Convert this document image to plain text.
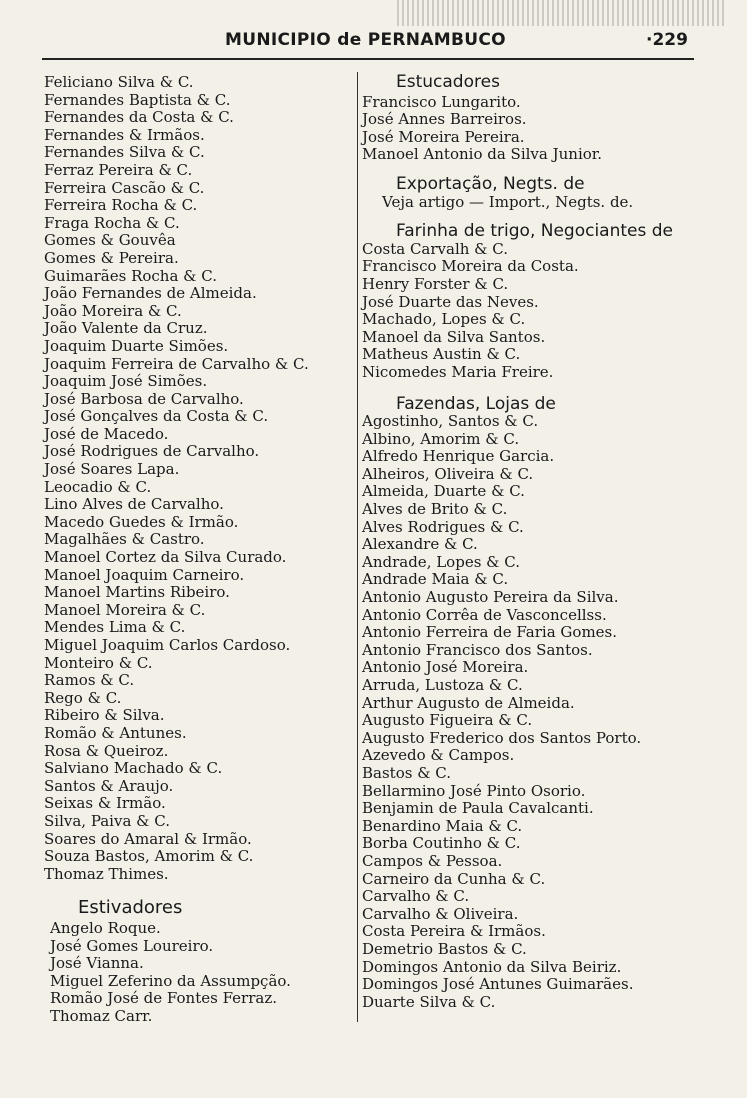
MUNICIPIO de PERNAMBUCO	·229
Feliciano Silva & C.
Fernandes Baptista & C.
Fernandes da Costa & C.
Fernandes & Irmãos.
Fernandes Silva & C.
Ferraz Pereira & C.
Ferreira Cascão & C.
Ferreira Rocha & C.
Fraga Rocha & C.
Gomes & Gouvêa
Gomes & Pereira.
Guimarães Rocha & C.
João Fernandes de Almeida.
João Moreira & C.
João Valente da Cruz.
Joaquim Duarte Simões.
Joaquim Ferreira de Carvalho & C.
Joaquim José Simões.
José Barbosa de Carvalho.
José Gonçalves da Costa & C.
José de Macedo.
José Rodrigues de Carvalho.
José Soares Lapa.
Leocadio & C.
Lino Alves de Carvalho.
Macedo Guedes & Irmão.
Magalhães & Castro.
Manoel Cortez da Silva Curado.
Manoel Joaquim Carneiro.
Manoel Martins Ribeiro.
Manoel Moreira & C.
Mendes Lima & C.
Miguel Joaquim Carlos Cardoso.
Monteiro & C.
Ramos & C.
Rego & C.
Ribeiro & Silva.
Romão & Antunes.
Rosa & Queiroz.
Salviano Machado & C.
Santos & Araujo.
Seixas & Irmão.
Silva, Paiva & C.
Soares do Amaral & Irmão.
Souza Bastos, Amorim & C.
Thomaz Thimes.
Estivadores
Angelo Roque.
José Gomes Loureiro.
José Vianna.
Miguel Zeferino da Assumpção.
Romão José de Fontes Ferraz.
Thomaz Carr.
Estucadores
Francisco Lungarito.
José Annes Barreiros.
José Moreira Pereira.
Manoel Antonio da Silva Junior.
Exportação, Negts. de
Veja artigo — Import., Negts. de.
Farinha de trigo, Negociantes de
Costa Carvalh & C.
Francisco Moreira da Costa.
Henry Forster & C.
José Duarte das Neves.
Machado, Lopes & C.
Manoel da Silva Santos.
Matheus Austin & C.
Nicomedes Maria Freire.
Fazendas, Lojas de
Agostinho, Santos & C.
Albino, Amorim & C.
Alfredo Henrique Garcia.
Alheiros, Oliveira & C.
Almeida, Duarte & C.
Alves de Brito & C.
Alves Rodrigues & C.
Alexandre & C.
Andrade, Lopes & C.
Andrade Maia & C.
Antonio Augusto Pereira da Silva.
Antonio Corrêa de Vasconcellss.
Antonio Ferreira de Faria Gomes.
Antonio Francisco dos Santos.
Antonio José Moreira.
Arruda, Lustoza & C.
Arthur Augusto de Almeida.
Augusto Figueira & C.
Augusto Frederico dos Santos Porto.
Azevedo & Campos.
Bastos & C.
Bellarmino José Pinto Osorio.
Benjamin de Paula Cavalcanti.
Benardino Maia & C.
Borba Coutinho & C.
Campos & Pessoa.
Carneiro da Cunha & C.
Carvalho & C.
Carvalho & Oliveira.
Costa Pereira & Irmãos.
Demetrio Bastos & C.
Domingos Antonio da Silva Beiriz.
Domingos José Antunes Guimarães.
Duarte Silva & C.
